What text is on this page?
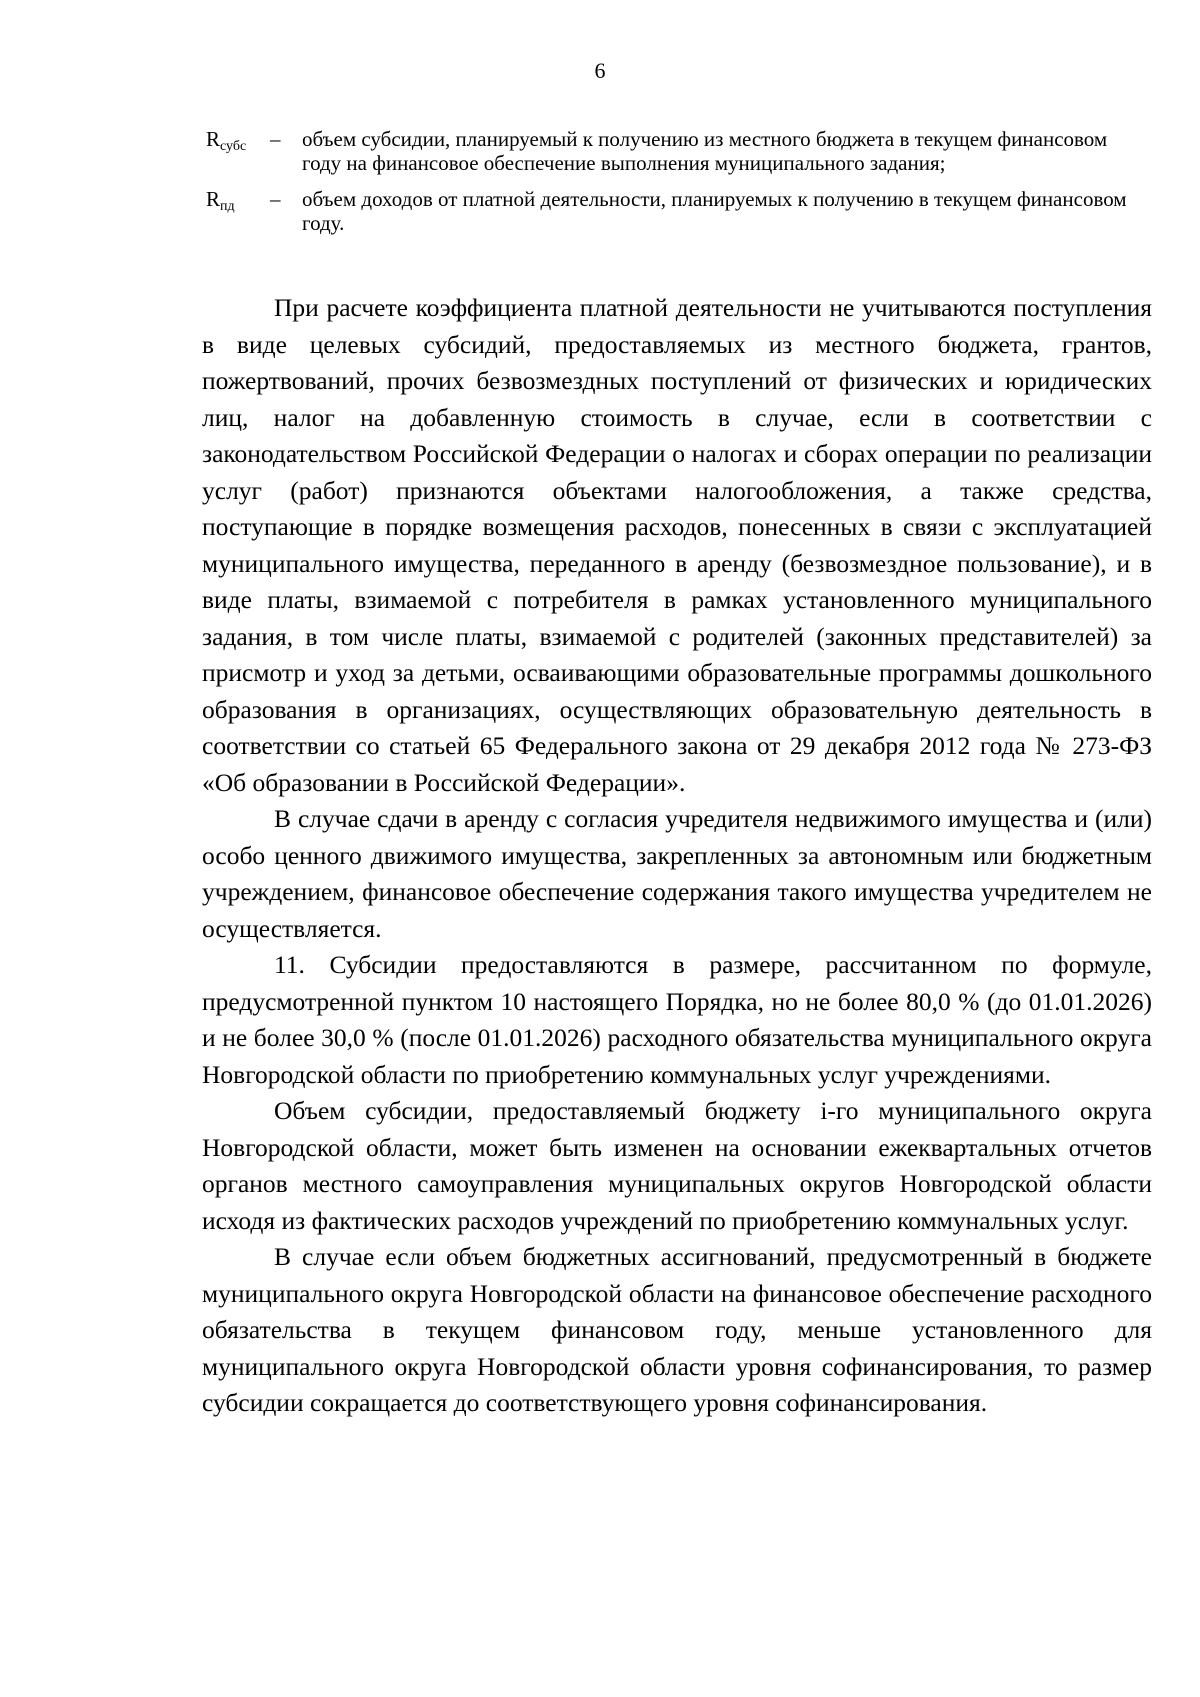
6
$R_{субс}$	–	объем субсидии, планируемый к получению из местного бюджета в текущем финансовом году на финансовое обеспечение выполнения муниципального задания;
$R_{пд}$	–	объем доходов от платной деятельности, планируемых к получению в текущем финансовом году.

При расчете коэффициента платной деятельности не учитываются поступления в виде целевых субсидий, предоставляемых из местного бюджета, грантов, пожертвований, прочих безвозмездных поступлений от физических и юридических лиц, налог на добавленную стоимость в случае, если в соответствии с законодательством Российской Федерации о налогах и сборах операции по реализации услуг (работ) признаются объектами налогообложения, а также средства, поступающие в порядке возмещения расходов, понесенных в связи с эксплуатацией муниципального имущества, переданного в аренду (безвозмездное пользование), и в виде платы, взимаемой с потребителя в рамках установленного муниципального задания, в том числе платы, взимаемой с родителей (законных представителей) за присмотр и уход за детьми, осваивающими образовательные программы дошкольного образования в организациях, осуществляющих образовательную деятельность в соответствии со статьей 65 Федерального закона от 29 декабря 2012 года № 273-ФЗ «Об образовании в Российской Федерации».

В случае сдачи в аренду с согласия учредителя недвижимого имущества и (или) особо ценного движимого имущества, закрепленных за автономным или бюджетным учреждением, финансовое обеспечение содержания такого имущества учредителем не осуществляется.

11. Субсидии предоставляются в размере, рассчитанном по формуле, предусмотренной пунктом 10 настоящего Порядка, но не более 80,0 % (до 01.01.2026) и не более 30,0 % (после 01.01.2026) расходного обязательства муниципального округа Новгородской области по приобретению коммунальных услуг учреждениями.

Объем субсидии, предоставляемый бюджету i-го муниципального округа Новгородской области, может быть изменен на основании ежеквартальных отчетов органов местного самоуправления муниципальных округов Новгородской области исходя из фактических расходов учреждений по приобретению коммунальных услуг.

В случае если объем бюджетных ассигнований, предусмотренный в бюджете муниципального округа Новгородской области на финансовое обеспечение расходного обязательства в текущем финансовом году, меньше установленного для муниципального округа Новгородской области уровня софинансирования, то размер субсидии сокращается до соответствующего уровня софинансирования.
